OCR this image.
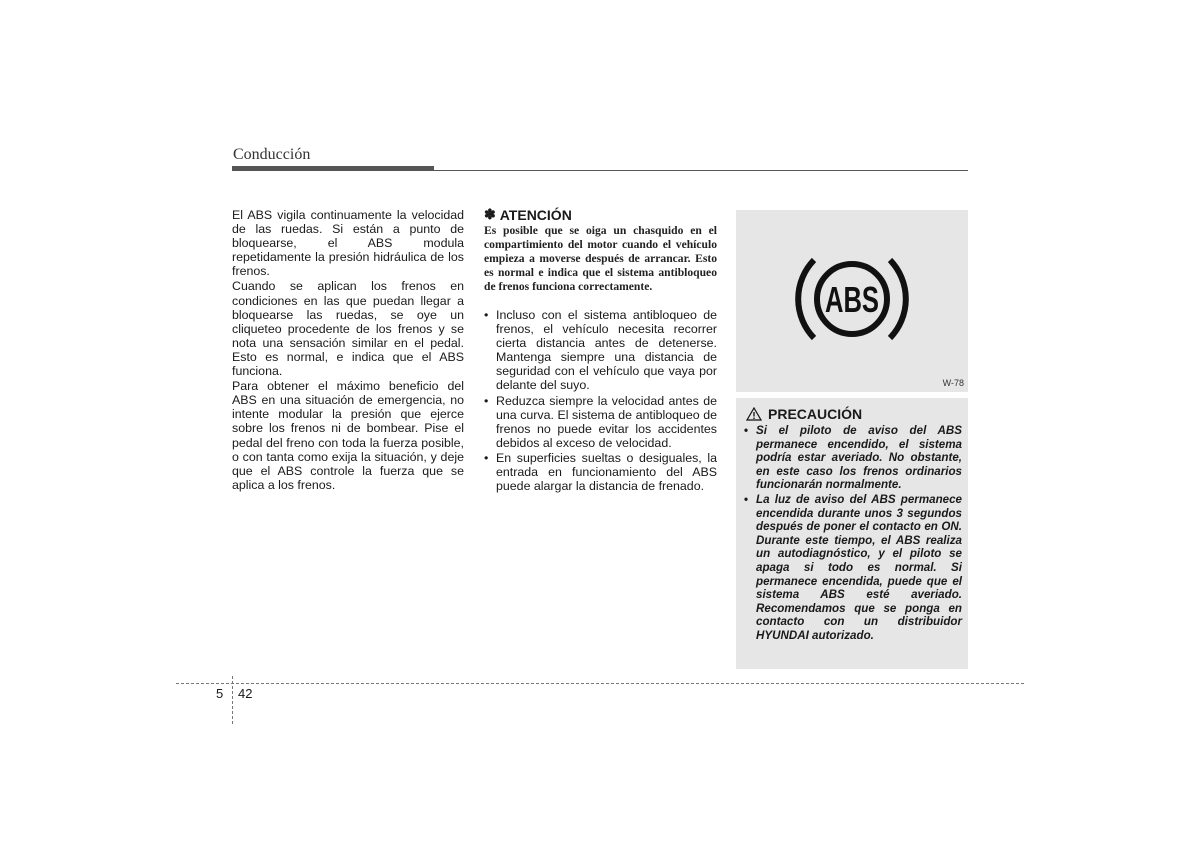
Conducción

El ABS vigila continuamente la velocidad de las ruedas. Si están a punto de bloquearse, el ABS modula repetidamente la presión hidráulica de los frenos.

Cuando se aplican los frenos en condiciones en las que puedan llegar a bloquearse las ruedas, se oye un cliqueteo procedente de los frenos y se nota una sensación similar en el pedal. Esto es normal, e indica que el ABS funciona.

Para obtener el máximo beneficio del ABS en una situación de emergencia, no intente modular la presión que ejerce sobre los frenos ni de bombear. Pise el pedal del freno con toda la fuerza posible, o con tanta como exija la situación, y deje que el ABS controle la fuerza que se aplica a los frenos.

✽ ATENCIÓN
Es posible que se oiga un chasquido en el compartimiento del motor cuando el vehículo empieza a moverse después de arrancar. Esto es normal e indica que el sistema antibloqueo de frenos funciona correctamente.
• Incluso con el sistema antibloqueo de frenos, el vehículo necesita recorrer cierta distancia antes de detenerse. Mantenga siempre una distancia de seguridad con el vehículo que vaya por delante del suyo.
• Reduzca siempre la velocidad antes de una curva. El sistema de antibloqueo de frenos no puede evitar los accidentes debidos al exceso de velocidad.
• En superficies sueltas o desiguales, la entrada en funcionamiento del ABS puede alargar la distancia de frenado.
ABS
W-78
PRECAUCIÓN
• Si el piloto de aviso del ABS permanece encendido, el sistema podría estar averiado. No obstante, en este caso los frenos ordinarios funcionarán normalmente.
• La luz de aviso del ABS permanece encendida durante unos 3 segundos después de poner el contacto en ON. Durante este tiempo, el ABS realiza un autodiagnóstico, y el piloto se apaga si todo es normal. Si permanece encendida, puede que el sistema ABS esté averiado. Recomendamos que se ponga en contacto con un distribuidor HYUNDAI autorizado.
5 42
